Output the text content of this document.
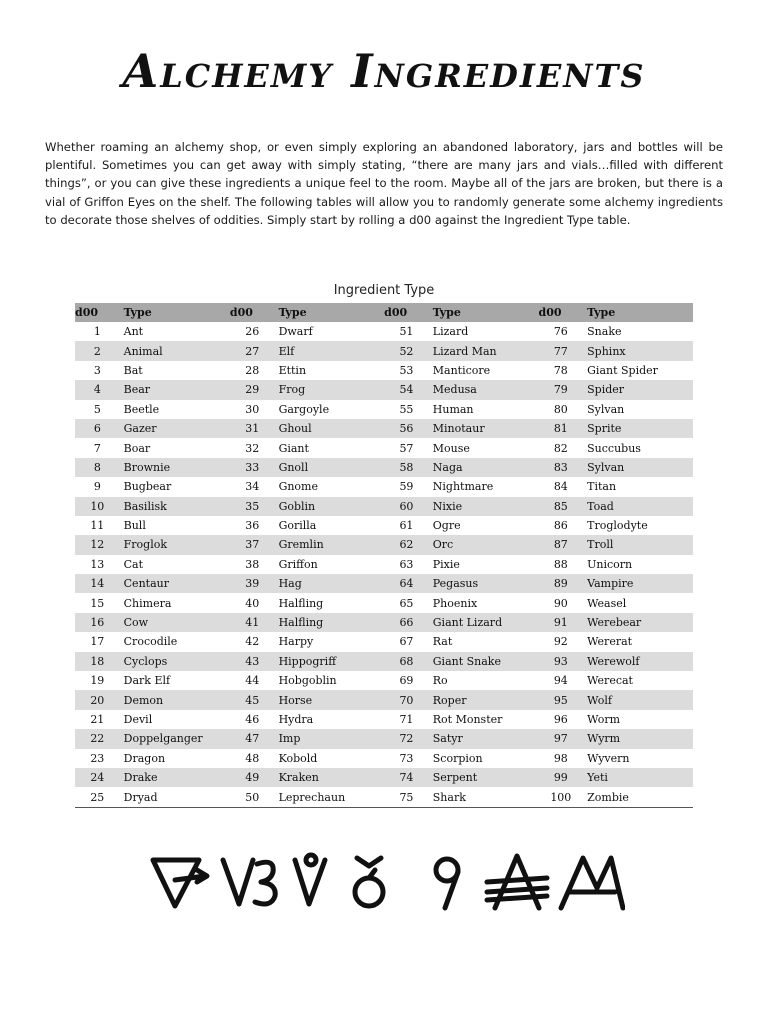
Alchemy Ingredients
Whether roaming an alchemy shop, or even simply exploring an abandoned laboratory, jars and bottles will be plentiful. Sometimes you can get away with simply stating, “there are many jars and vials…filled with different things”, or you can give these ingredients a unique feel to the room. Maybe all of the jars are broken, but there is a vial of Griffon Eyes on the shelf. The following tables will allow you to randomly generate some alchemy ingredients to decorate those shelves of oddities. Simply start by rolling a d00 against the Ingredient Type table.
Ingredient Type
d00	Type	d00	Type	d00	Type	d00	Type
1	Ant	26	Dwarf	51	Lizard	76	Snake
2	Animal	27	Elf	52	Lizard Man	77	Sphinx
3	Bat	28	Ettin	53	Manticore	78	Giant Spider
4	Bear	29	Frog	54	Medusa	79	Spider
5	Beetle	30	Gargoyle	55	Human	80	Sylvan
6	Gazer	31	Ghoul	56	Minotaur	81	Sprite
7	Boar	32	Giant	57	Mouse	82	Succubus
8	Brownie	33	Gnoll	58	Naga	83	Sylvan
9	Bugbear	34	Gnome	59	Nightmare	84	Titan
10	Basilisk	35	Goblin	60	Nixie	85	Toad
11	Bull	36	Gorilla	61	Ogre	86	Troglodyte
12	Froglok	37	Gremlin	62	Orc	87	Troll
13	Cat	38	Griffon	63	Pixie	88	Unicorn
14	Centaur	39	Hag	64	Pegasus	89	Vampire
15	Chimera	40	Halfling	65	Phoenix	90	Weasel
16	Cow	41	Halfling	66	Giant Lizard	91	Werebear
17	Crocodile	42	Harpy	67	Rat	92	Wererat
18	Cyclops	43	Hippogriff	68	Giant Snake	93	Werewolf
19	Dark Elf	44	Hobgoblin	69	Ro	94	Werecat
20	Demon	45	Horse	70	Roper	95	Wolf
21	Devil	46	Hydra	71	Rot Monster	96	Worm
22	Doppelganger	47	Imp	72	Satyr	97	Wyrm
23	Dragon	48	Kobold	73	Scorpion	98	Wyvern
24	Drake	49	Kraken	74	Serpent	99	Yeti
25	Dryad	50	Leprechaun	75	Shark	100	Zombie
